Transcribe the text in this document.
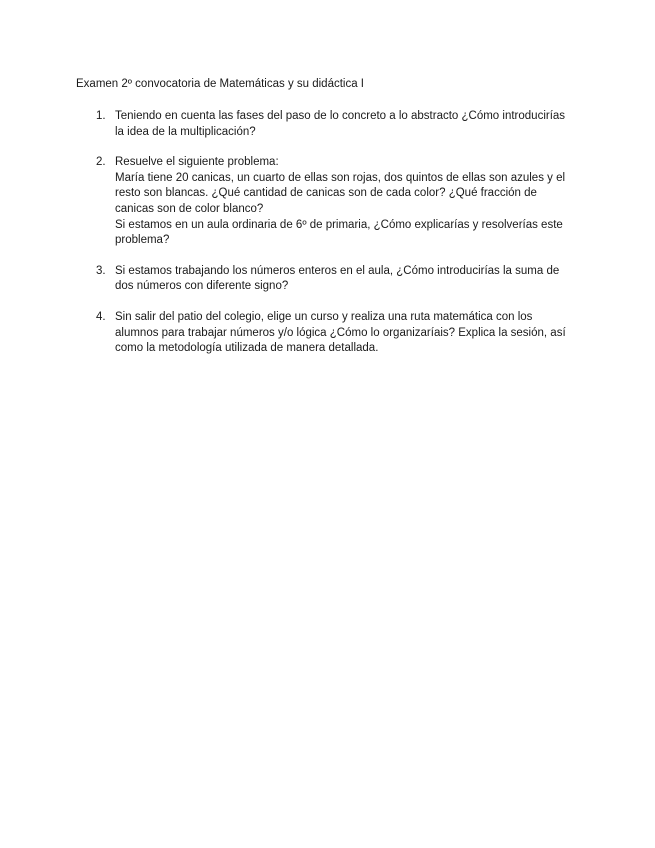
Examen 2º convocatoria de Matemáticas y su didáctica I
1. Teniendo en cuenta las fases del paso de lo concreto a lo abstracto ¿Cómo introducirías
la idea de la multiplicación?
2. Resuelve el siguiente problema:
María tiene 20 canicas, un cuarto de ellas son rojas, dos quintos de ellas son azules y el
resto son blancas. ¿Qué cantidad de canicas son de cada color? ¿Qué fracción de
canicas son de color blanco?
Si estamos en un aula ordinaria de 6º de primaria, ¿Cómo explicarías y resolverías este
problema?
3. Si estamos trabajando los números enteros en el aula, ¿Cómo introducirías la suma de
dos números con diferente signo?
4. Sin salir del patio del colegio, elige un curso y realiza una ruta matemática con los
alumnos para trabajar números y/o lógica ¿Cómo lo organizaríais? Explica la sesión, así
como la metodología utilizada de manera detallada.
